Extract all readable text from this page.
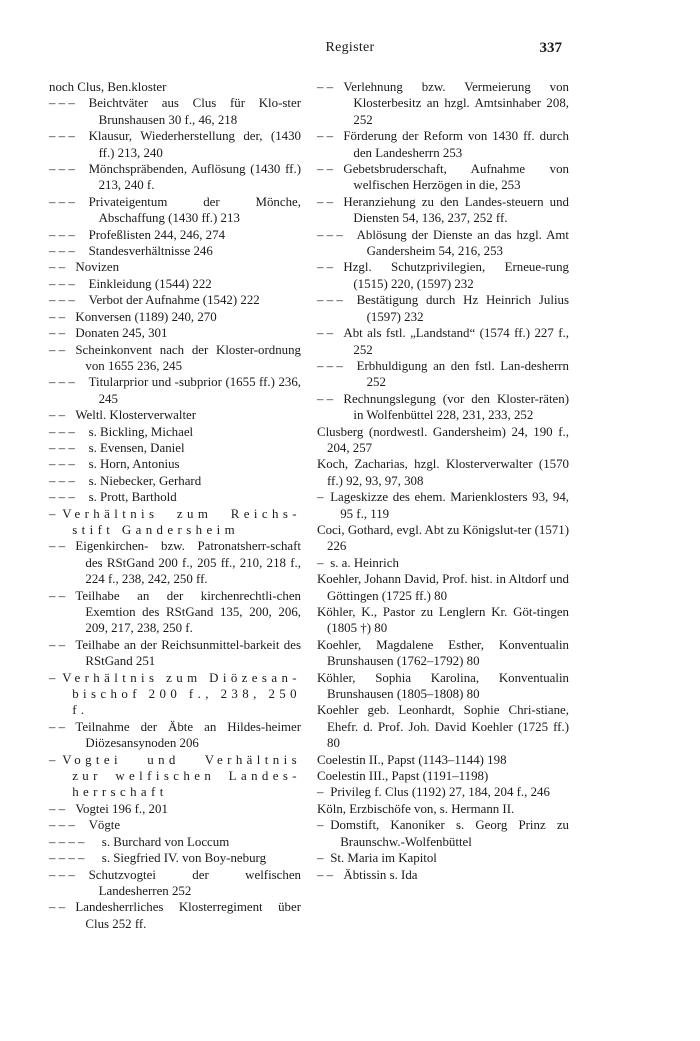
Register	337
noch Clus, Ben.kloster
– – –	Beichtväter aus Clus für Klo-ster Brunshausen 30 f., 46, 218
– – –	Klausur, Wiederherstellung der, (1430 ff.) 213, 240
– – –	Mönchspräbenden, Auflösung (1430 ff.) 213, 240 f.
– – –	Privateigentum der Mönche, Abschaffung (1430 ff.) 213
– – –	Profeßlisten 244, 246, 274
– – –	Standesverhältnisse 246
– – Novizen
– – –	Einkleidung (1544) 222
– – –	Verbot der Aufnahme (1542) 222
– – Konversen (1189) 240, 270
– – Donaten 245, 301
– – Scheinkonvent nach der Kloster-ordnung von 1655 236, 245
– – –	Titularprior und -subprior (1655 ff.) 236, 245
– – Weltl. Klosterverwalter
– – –	s. Bickling, Michael
– – –	s. Evensen, Daniel
– – –	s. Horn, Antonius
– – –	s. Niebecker, Gerhard
– – –	s. Prott, Barthold
– Verhältnis zum Reichs-stift Gandersheim
– – Eigenkirchen- bzw. Patronatsherr-schaft des RStGand 200 f., 205 ff., 210, 218 f., 224 f., 238, 242, 250 ff.
– – Teilhabe an der kirchenrechtli-chen Exemtion des RStGand 135, 200, 206, 209, 217, 238, 250 f.
– – Teilhabe an der Reichsunmittel-barkeit des RStGand 251
– Verhältnis zum Diözesan-bischof 200 f., 238, 250 f.
– – Teilnahme der Äbte an Hildes-heimer Diözesansynoden 206
– Vogtei und Verhältnis zur welfischen Landes-herrschaft
– – Vogtei 196 f., 201
– – –	Vögte
– – – –	s. Burchard von Loccum
– – – –	s. Siegfried IV. von Boy-neburg
– – –	Schutzvogtei der welfischen Landesherren 252
– – Landesherrliches Klosterregiment über Clus 252 ff.
– – Verlehnung bzw. Vermeierung von Klosterbesitz an hzgl. Amtsinhaber 208, 252
– – Förderung der Reform von 1430 ff. durch den Landesherrn 253
– – Gebetsbruderschaft, Aufnahme von welfischen Herzögen in die, 253
– – Heranziehung zu den Landes-steuern und Diensten 54, 136, 237, 252 ff.
– – –	Ablösung der Dienste an das hzgl. Amt Gandersheim 54, 216, 253
– – Hzgl. Schutzprivilegien, Erneue-rung (1515) 220, (1597) 232
– – –	Bestätigung durch Hz Heinrich Julius (1597) 232
– – Abt als fstl. „Landstand“ (1574 ff.) 227 f., 252
– – –	Erbhuldigung an den fstl. Lan-desherrn 252
– – Rechnungslegung (vor den Kloster-räten) in Wolfenbüttel 228, 231, 233, 252
Clusberg (nordwestl. Gandersheim) 24, 190 f., 204, 257
Koch, Zacharias, hzgl. Klosterverwalter (1570 ff.) 92, 93, 97, 308
– Lageskizze des ehem. Marienklosters 93, 94, 95 f., 119
Coci, Gothard, evgl. Abt zu Königslut-ter (1571) 226
– s. a. Heinrich
Koehler, Johann David, Prof. hist. in Altdorf und Göttingen (1725 ff.) 80
Köhler, K., Pastor zu Lenglern Kr. Göt-tingen (1805 †) 80
Koehler, Magdalene Esther, Konventualin Brunshausen (1762–1792) 80
Köhler, Sophia Karolina, Konventualin Brunshausen (1805–1808) 80
Koehler geb. Leonhardt, Sophie Chri-stiane, Ehefr. d. Prof. Joh. David Koehler (1725 ff.) 80
Coelestin II., Papst (1143–1144) 198
Coelestin III., Papst (1191–1198)
– Privileg f. Clus (1192) 27, 184, 204 f., 246
Köln, Erzbischöfe von, s. Hermann II.
– Domstift, Kanoniker s. Georg Prinz zu Braunschw.-Wolfenbüttel
– St. Maria im Kapitol
– – Äbtissin s. Ida
